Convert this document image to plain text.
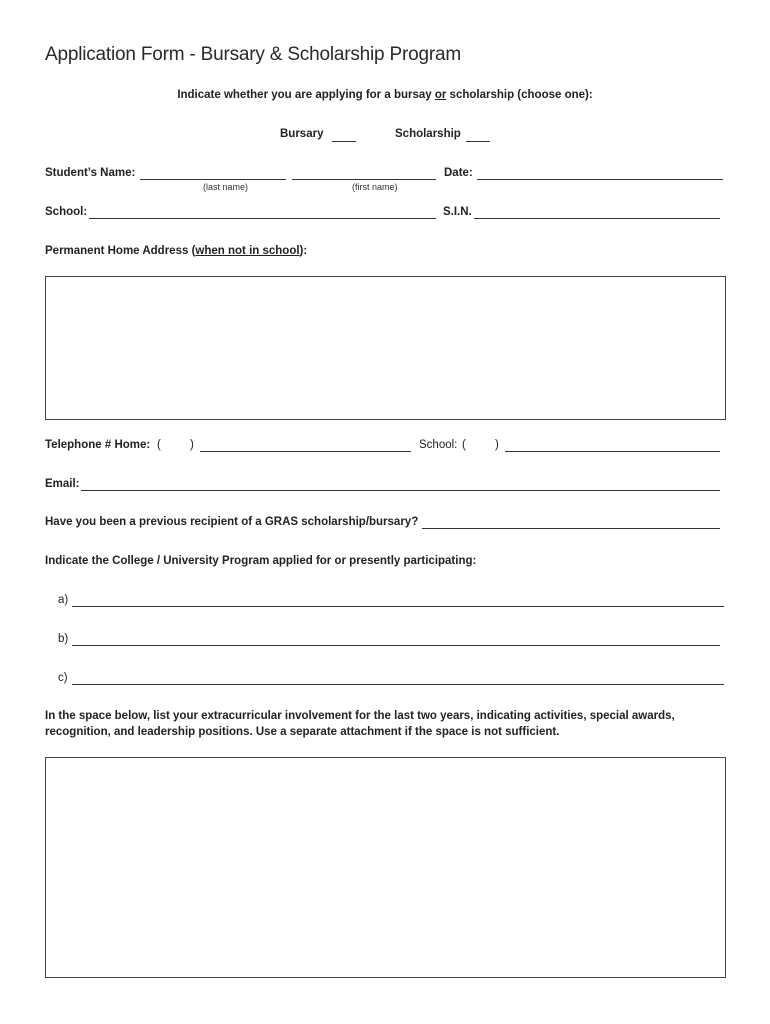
Application Form - Bursary & Scholarship Program
Indicate whether you are applying for a bursay or scholarship (choose one):
Bursary	Scholarship
Student’s Name:
(last name)	(first name)
Date:
School:	S.I.N.
Permanent Home Address (when not in school):
Telephone # Home: (	)	School: (	)
Email:
Have you been a previous recipient of a GRAS scholarship/bursary?
Indicate the College / University Program applied for or presently participating:
a)
b)
c)
In the space below, list your extracurricular involvement for the last two years, indicating activities, special awards,
recognition, and leadership positions. Use a separate attachment if the space is not sufficient.
